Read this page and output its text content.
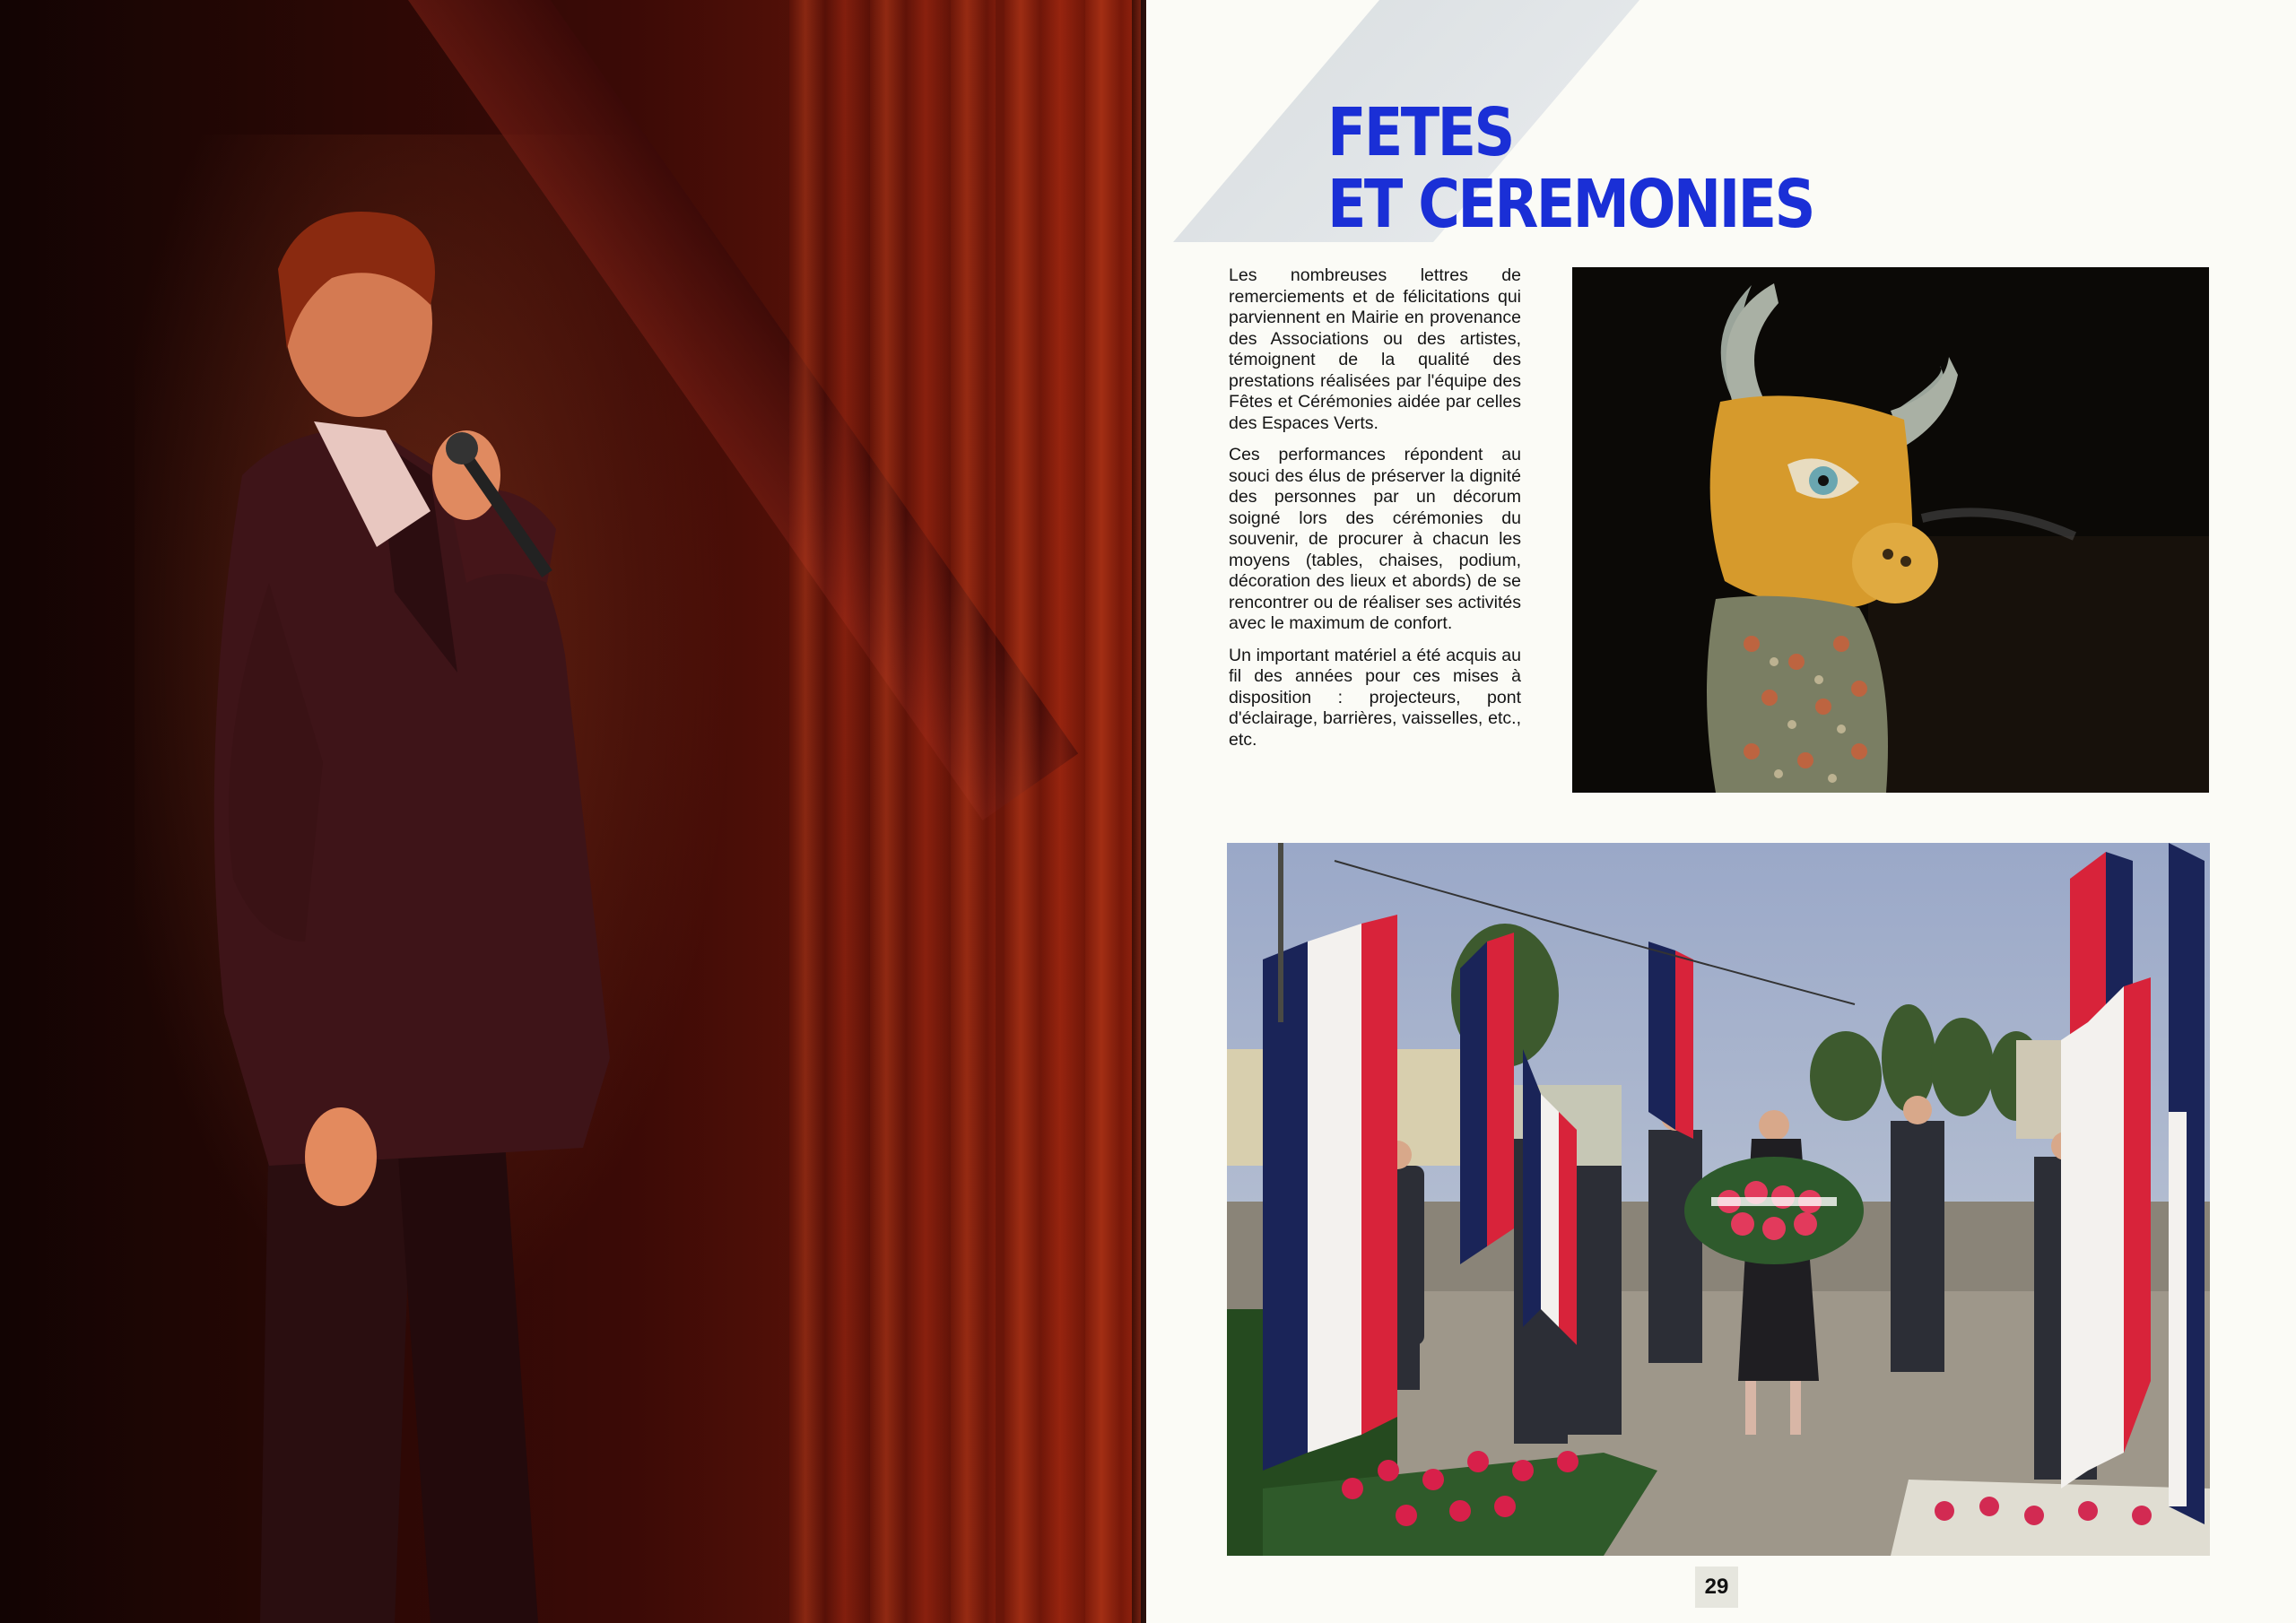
FETES
ET CEREMONIES

Les nombreuses lettres de remerciements et de félicitations qui parviennent en Mairie en provenance des Associations ou des artistes, témoignent de la qualité des prestations réalisées par l'équipe des Fêtes et Cérémonies aidée par celles des Espaces Verts.

Ces performances répondent au souci des élus de préserver la dignité des personnes par un décorum soigné lors des cérémonies du souvenir, de procurer à chacun les moyens (tables, chaises, podium, décoration des lieux et abords) de se rencontrer ou de réaliser ses activités avec le maximum de confort.

Un important matériel a été acquis au fil des années pour ces mises à disposition : projecteurs, pont d'éclairage, barrières, vaisselles, etc., etc.

29
